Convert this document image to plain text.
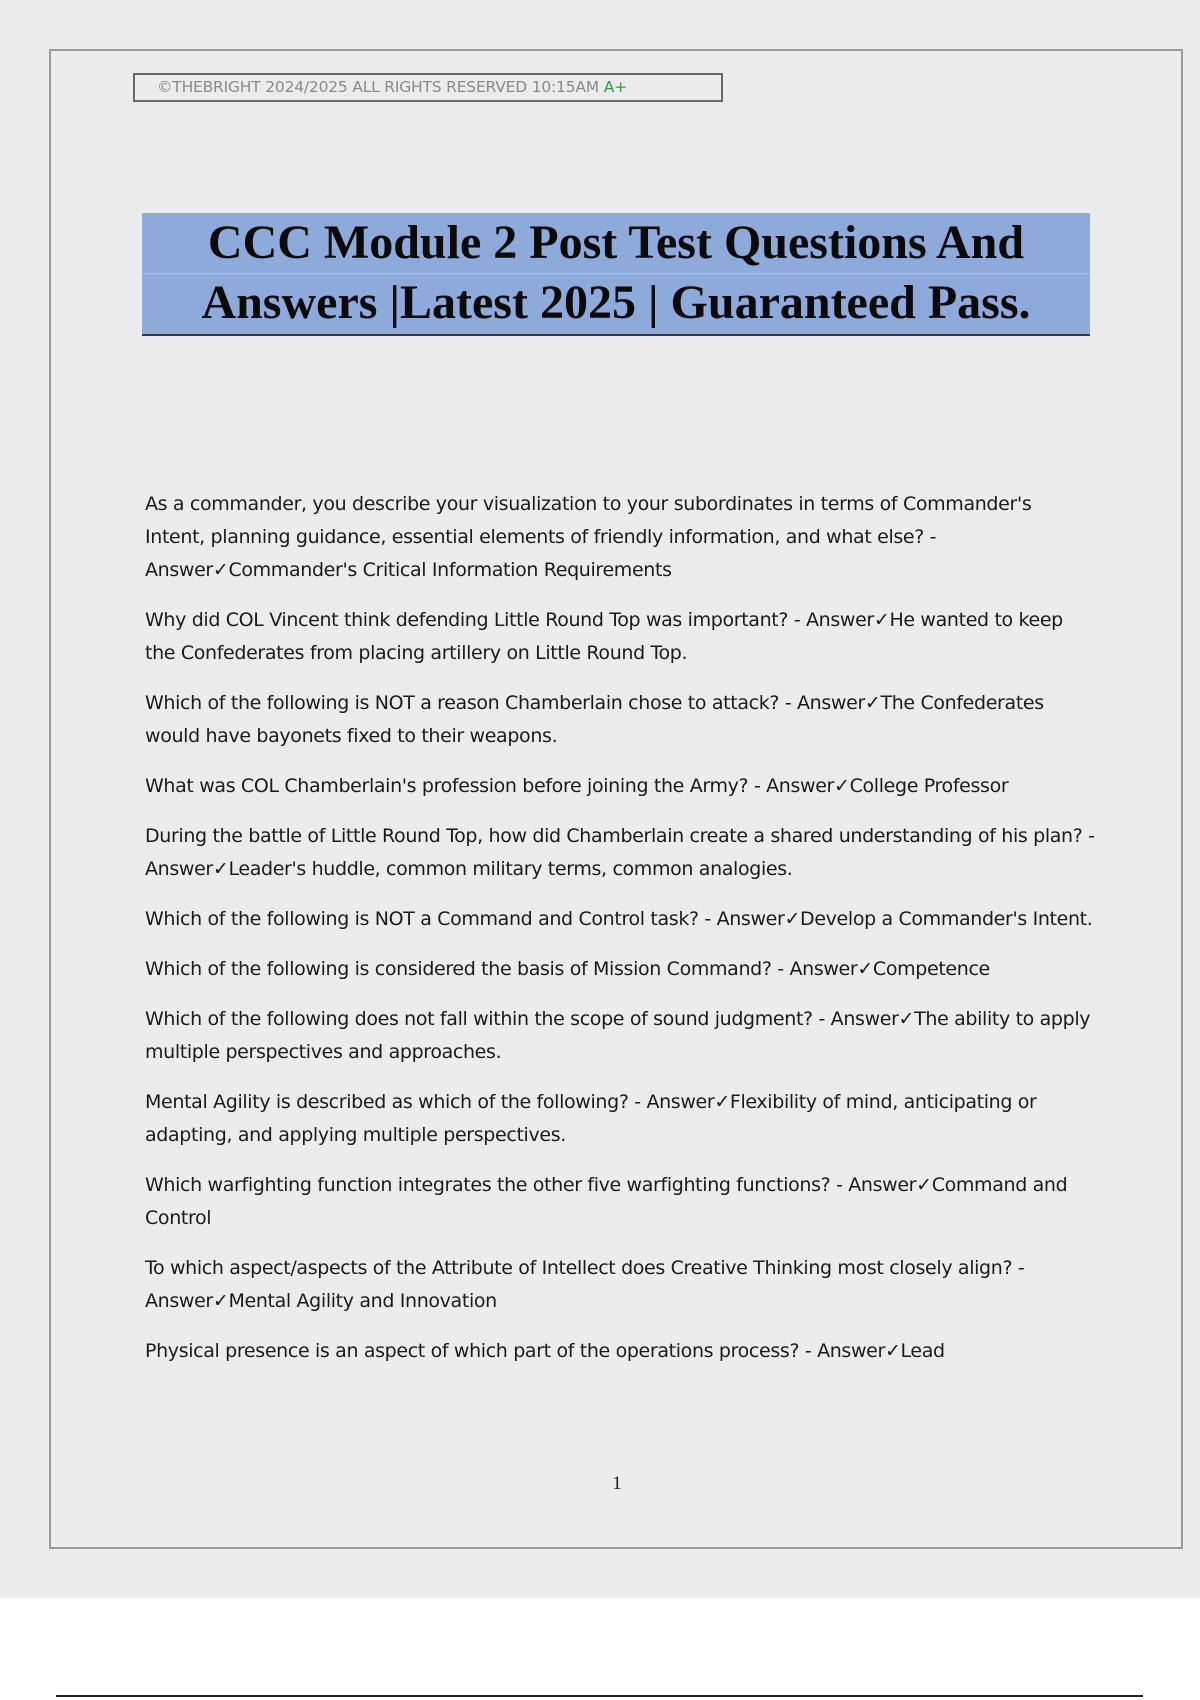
©THEBRIGHT 2024/2025 ALL RIGHTS RESERVED 10:15AM A+
CCC Module 2 Post Test Questions And
Answers |Latest 2025 | Guaranteed Pass.

As a commander, you describe your visualization to your subordinates in terms of Commander's Intent, planning guidance, essential elements of friendly information, and what else? - Answer✓Commander's Critical Information Requirements

Why did COL Vincent think defending Little Round Top was important? - Answer✓He wanted to keep the Confederates from placing artillery on Little Round Top.

Which of the following is NOT a reason Chamberlain chose to attack? - Answer✓The Confederates would have bayonets fixed to their weapons.

What was COL Chamberlain's profession before joining the Army? - Answer✓College Professor

During the battle of Little Round Top, how did Chamberlain create a shared understanding of his plan? - Answer✓Leader's huddle, common military terms, common analogies.

Which of the following is NOT a Command and Control task? - Answer✓Develop a Commander's Intent.

Which of the following is considered the basis of Mission Command? - Answer✓Competence

Which of the following does not fall within the scope of sound judgment? - Answer✓The ability to apply multiple perspectives and approaches.

Mental Agility is described as which of the following? - Answer✓Flexibility of mind, anticipating or adapting, and applying multiple perspectives.

Which warfighting function integrates the other five warfighting functions? - Answer✓Command and Control

To which aspect/aspects of the Attribute of Intellect does Creative Thinking most closely align? - Answer✓Mental Agility and Innovation

Physical presence is an aspect of which part of the operations process? - Answer✓Lead

1
